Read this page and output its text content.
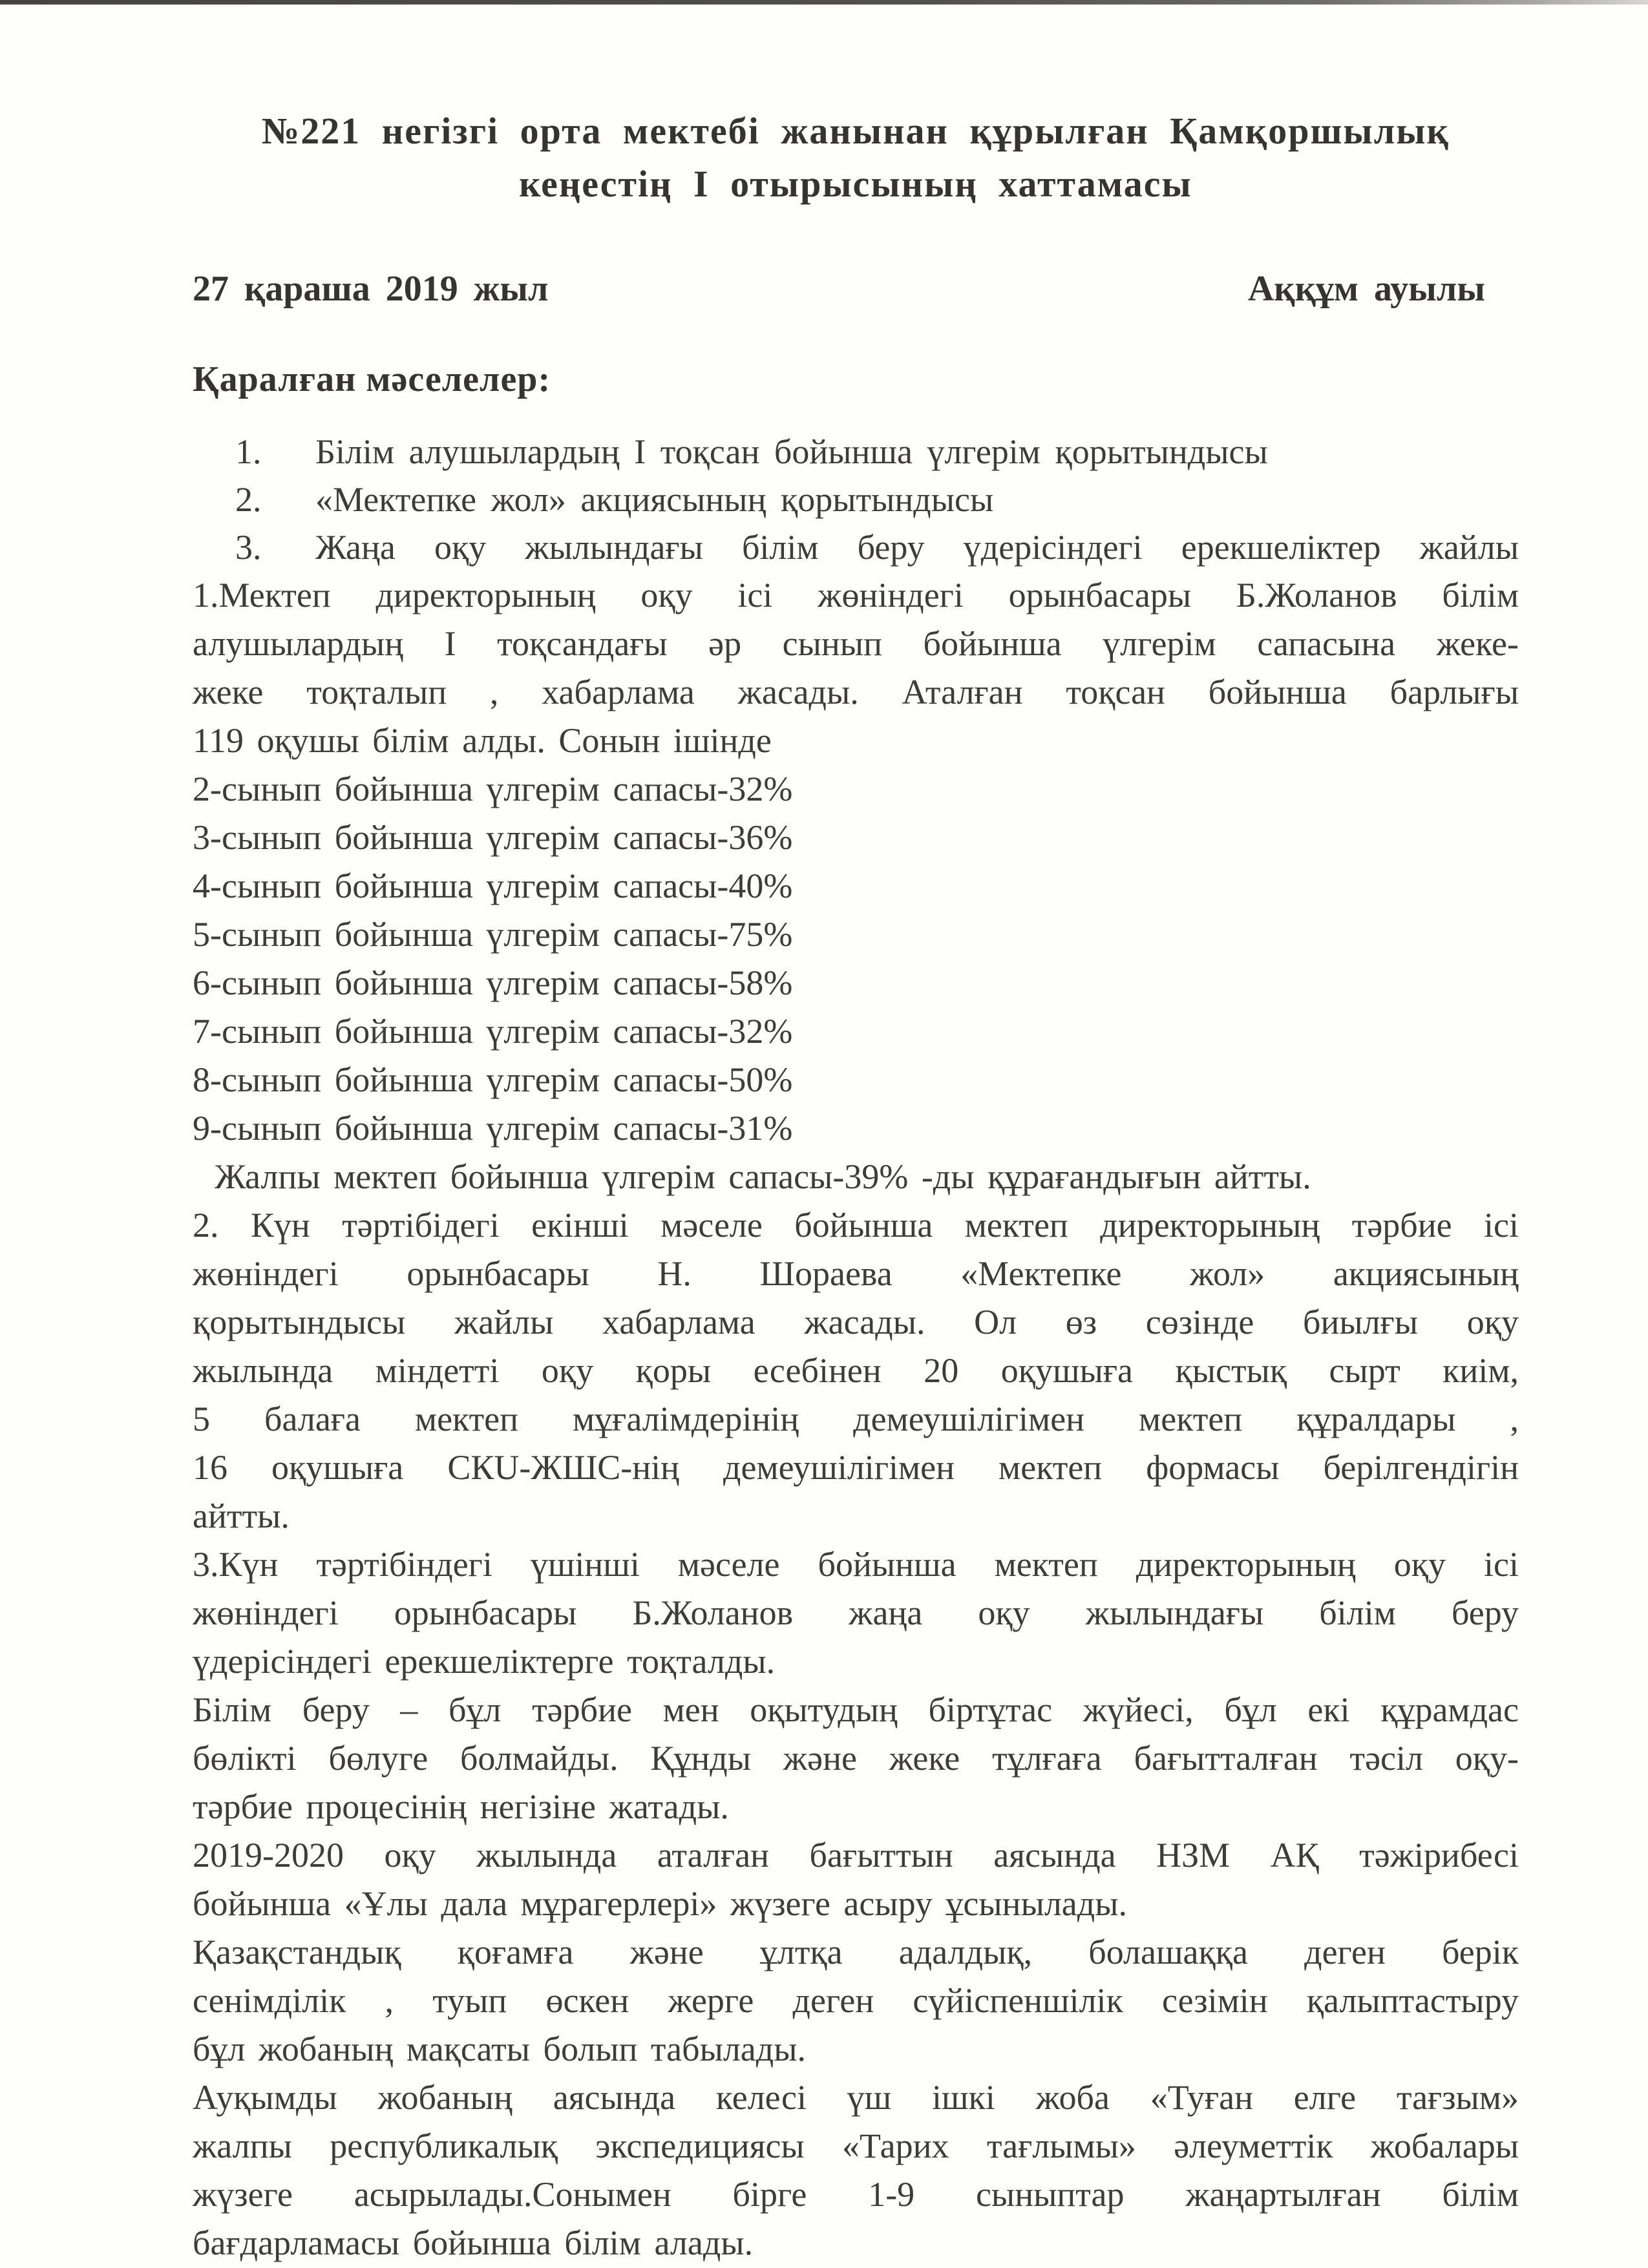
№221 негізгі орта мектебі жанынан құрылған Қамқоршылық
кеңестің І отырысының хаттамасы
27 қараша 2019 жыл	Аққұм ауылы
Қаралған мәселелер:
1.	Білім алушылардың І тоқсан бойынша үлгерім қорытындысы
2.	«Мектепке жол» акциясының қорытындысы
3.	Жаңа оқу жылындағы білім беру үдерісіндегі ерекшеліктер жайлы
1.Мектеп директорының оқу ісі жөніндегі орынбасары Б.Жоланов білім
алушылардың І тоқсандағы әр сынып бойынша үлгерім сапасына жеке-
жеке тоқталып , хабарлама жасады. Аталған тоқсан бойынша барлығы
119 оқушы білім алды. Сонын ішінде
2-сынып бойынша үлгерім сапасы-32%
3-сынып бойынша үлгерім сапасы-36%
4-сынып бойынша үлгерім сапасы-40%
5-сынып бойынша үлгерім сапасы-75%
6-сынып бойынша үлгерім сапасы-58%
7-сынып бойынша үлгерім сапасы-32%
8-сынып бойынша үлгерім сапасы-50%
9-сынып бойынша үлгерім сапасы-31%
Жалпы мектеп бойынша үлгерім сапасы-39% -ды құрағандығын айтты.
2. Күн тәртібідегі екінші мәселе бойынша мектеп директорының тәрбие ісі
жөніндегі орынбасары Н. Шораева «Мектепке жол» акциясының
қорытындысы жайлы хабарлама жасады. Ол өз сөзінде биылғы оқу
жылында міндетті оқу қоры есебінен 20 оқушыға қыстық сырт киім,
5 балаға мектеп мұғалімдерінің демеушілігімен мектеп құралдары ,
16 оқушыға СКU-ЖШС-нің демеушілігімен мектеп формасы берілгендігін
айтты.
3.Күн тәртібіндегі үшінші мәселе бойынша мектеп директорының оқу ісі
жөніндегі орынбасары Б.Жоланов жаңа оқу жылындағы білім беру
үдерісіндегі ерекшеліктерге тоқталды.
Білім беру – бұл тәрбие мен оқытудың біртұтас жүйесі, бұл екі құрамдас
бөлікті бөлуге болмайды. Құнды және жеке тұлғаға бағытталған тәсіл оқу-
тәрбие процесінің негізіне жатады.
2019-2020 оқу жылында аталған бағыттын аясында НЗМ АҚ тәжірибесі
бойынша «Ұлы дала мұрагерлері» жүзеге асыру ұсынылады.
Қазақстандық қоғамға және ұлтқа адалдық, болашаққа деген берік
сенімділік , туып өскен жерге деген сүйіспеншілік сезімін қалыптастыру
бұл жобаның мақсаты болып табылады.
Ауқымды жобаның аясында келесі үш ішкі жоба «Туған елге тағзым»
жалпы республикалық экспедициясы «Тарих тағлымы» әлеуметтік жобалары
жүзеге асырылады.Сонымен бірге 1-9 сыныптар жаңартылған білім
бағдарламасы бойынша білім алады.
